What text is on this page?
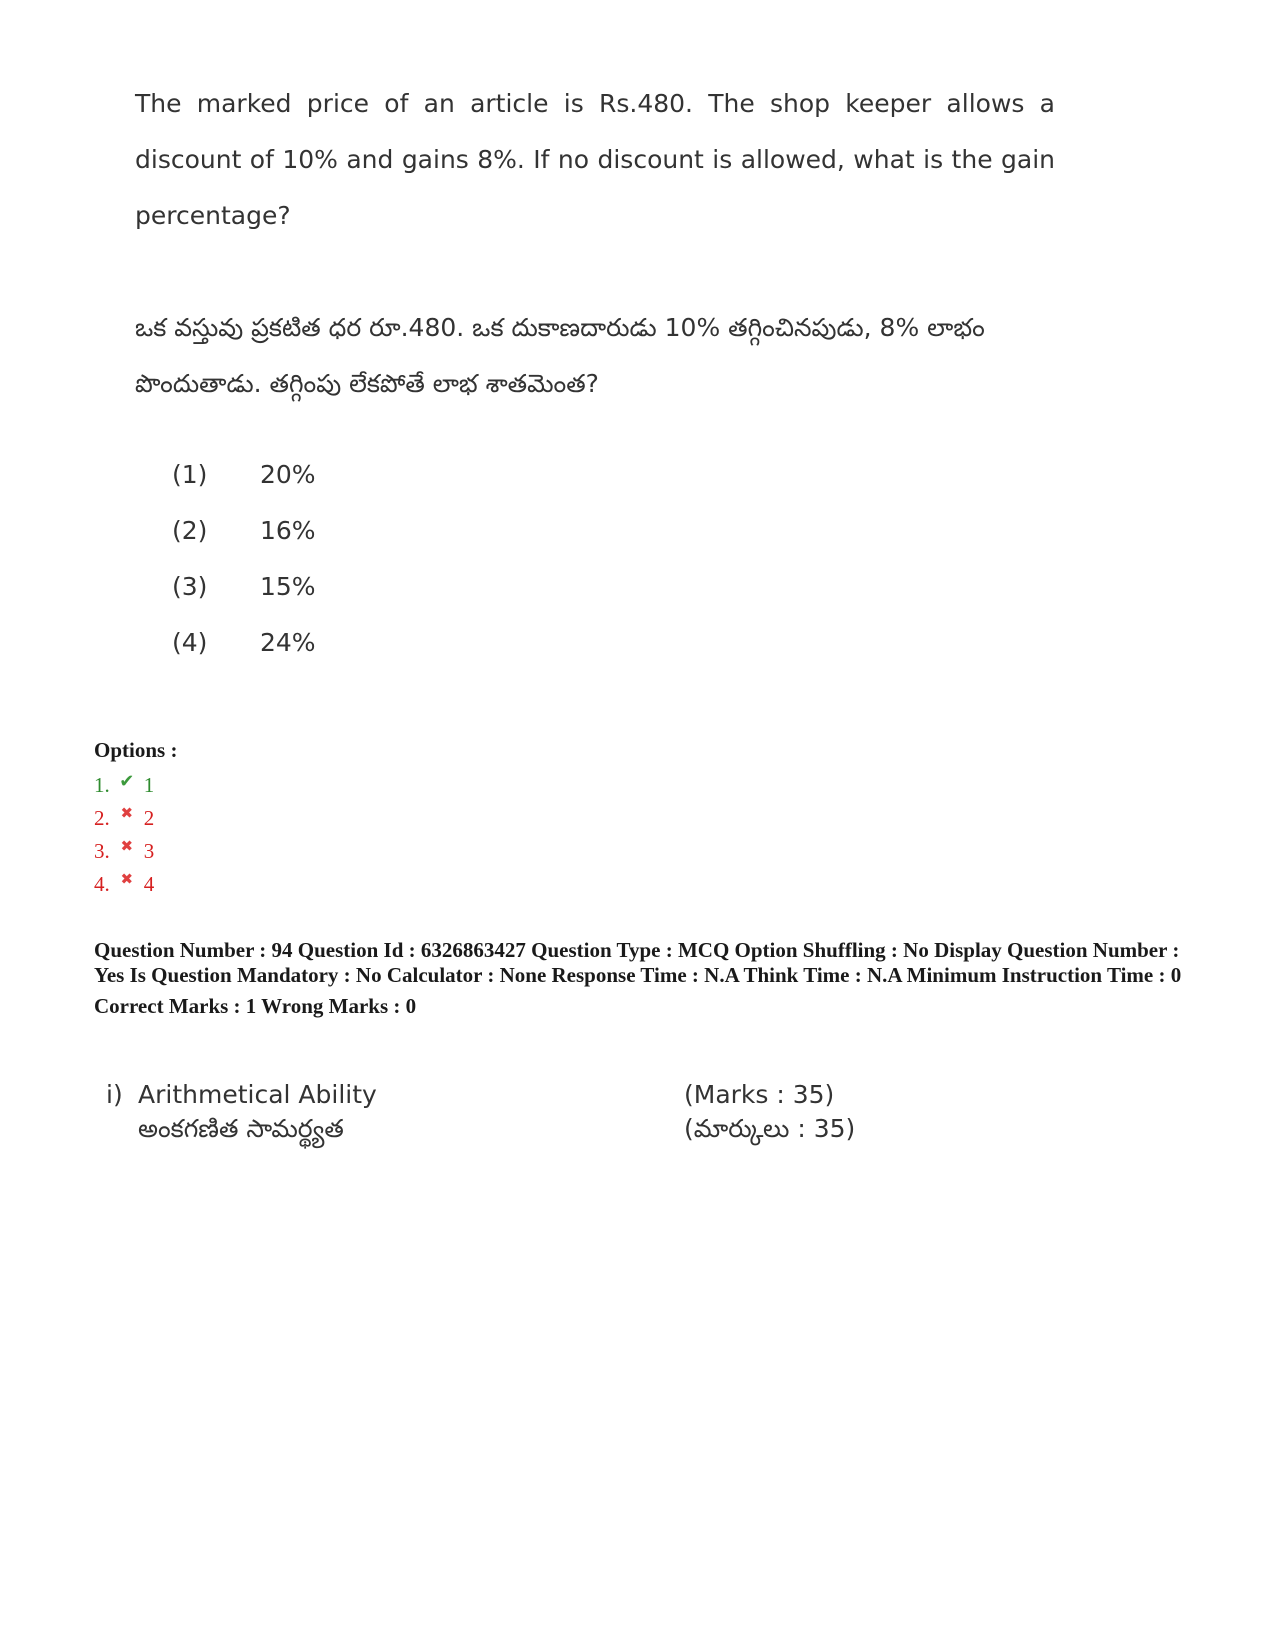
The marked price of an article is Rs.480. The shop keeper allows a discount of 10% and gains 8%. If no discount is allowed, what is the gain percentage?

ఒక వస్తువు ప్రకటిత ధర రూ.480. ఒక దుకాణదారుడు 10% తగ్గించినపుడు, 8% లాభం పొందుతాడు. తగ్గింపు లేకపోతే లాభ శాతమెంత?

(1)	20%
(2)	16%
(3)	15%
(4)	24%

Options :

1. ✔ 1
2. ✖ 2
3. ✖ 3
4. ✖ 4

Question Number : 94 Question Id : 6326863427 Question Type : MCQ Option Shuffling : No Display Question Number : Yes Is Question Mandatory : No Calculator : None Response Time : N.A Think Time : N.A Minimum Instruction Time : 0

Correct Marks : 1 Wrong Marks : 0

i) Arithmetical Ability	(Marks : 35)
అంకగణిత సామర్థ్యత	(మార్కులు : 35)
